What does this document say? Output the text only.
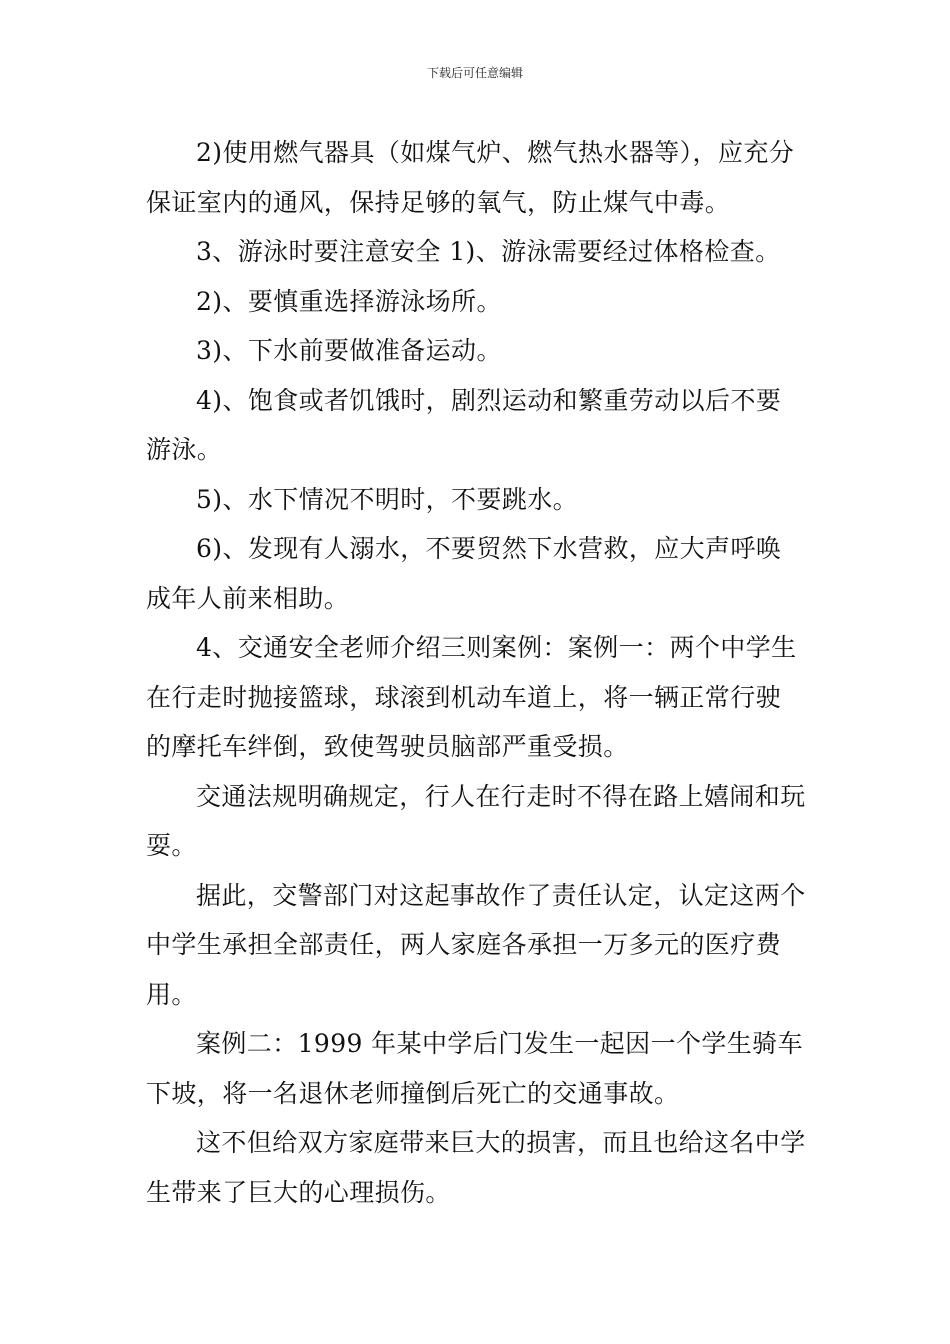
下载后可任意编辑

2)使用燃气器具（如煤气炉、燃气热水器等），应充分保证室内的通风，保持足够的氧气，防止煤气中毒。

3、游泳时要注意安全 1)、游泳需要经过体格检查。

2)、要慎重选择游泳场所。

3)、下水前要做准备运动。

4)、饱食或者饥饿时，剧烈运动和繁重劳动以后不要游泳。

5)、水下情况不明时，不要跳水。

6)、发现有人溺水，不要贸然下水营救，应大声呼唤成年人前来相助。

4、交通安全老师介绍三则案例：案例一：两个中学生在行走时抛接篮球，球滚到机动车道上，将一辆正常行驶的摩托车绊倒，致使驾驶员脑部严重受损。

交通法规明确规定，行人在行走时不得在路上嬉闹和玩耍。

据此，交警部门对这起事故作了责任认定，认定这两个中学生承担全部责任，两人家庭各承担一万多元的医疗费用。

案例二：1999 年某中学后门发生一起因一个学生骑车下坡，将一名退休老师撞倒后死亡的交通事故。

这不但给双方家庭带来巨大的损害，而且也给这名中学生带来了巨大的心理损伤。
